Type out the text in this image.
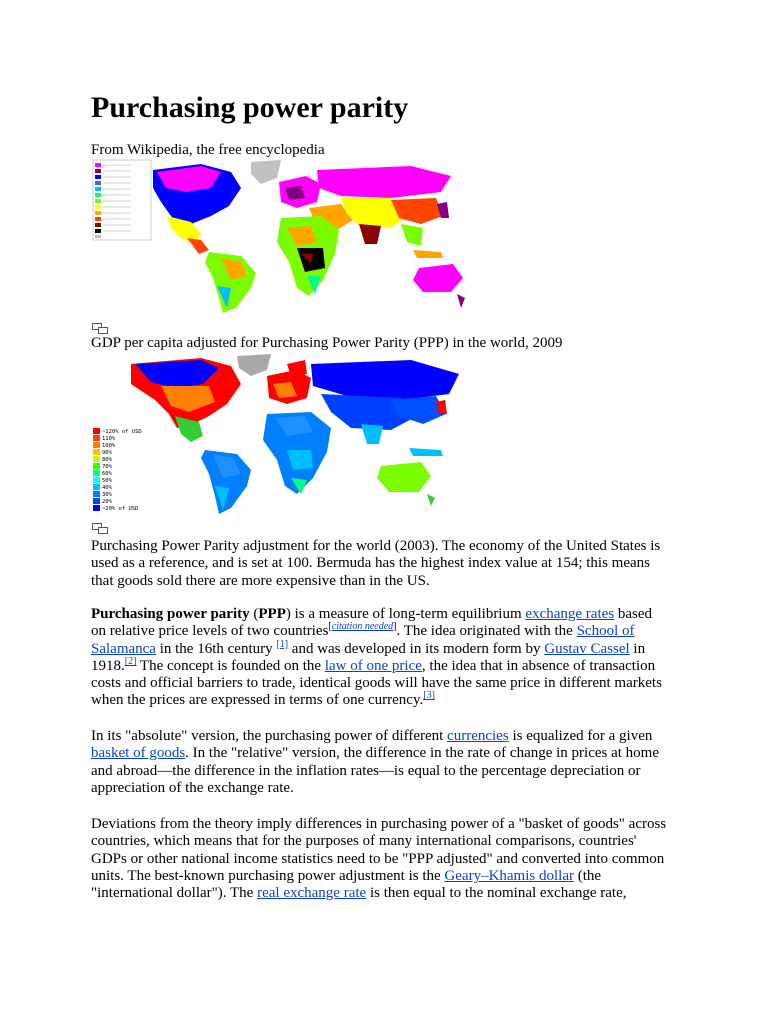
Purchasing power parity
From Wikipedia, the free encyclopedia
GDP per capita adjusted for Purchasing Power Parity (PPP) in the world, 2009
~120% of USD
110%
100%
90%
80%
70%
60%
50%
40%
30%
20%
~20% of USD

Purchasing Power Parity adjustment for the world (2003). The economy of the United States is used as a reference, and is set at 100. Bermuda has the highest index value at 154; this means that goods sold there are more expensive than in the US.

Purchasing power parity (PPP) is a measure of long-term equilibrium exchange rates based on relative price levels of two countries[citation needed]. The idea originated with the School of Salamanca in the 16th century [1] and was developed in its modern form by Gustav Cassel in 1918.[2] The concept is founded on the law of one price, the idea that in absence of transaction costs and official barriers to trade, identical goods will have the same price in different markets when the prices are expressed in terms of one currency.[3]

In its "absolute" version, the purchasing power of different currencies is equalized for a given basket of goods. In the "relative" version, the difference in the rate of change in prices at home and abroad—the difference in the inflation rates—is equal to the percentage depreciation or appreciation of the exchange rate.

Deviations from the theory imply differences in purchasing power of a "basket of goods" across countries, which means that for the purposes of many international comparisons, countries' GDPs or other national income statistics need to be "PPP adjusted" and converted into common units. The best-known purchasing power adjustment is the Geary–Khamis dollar (the "international dollar"). The real exchange rate is then equal to the nominal exchange rate,
